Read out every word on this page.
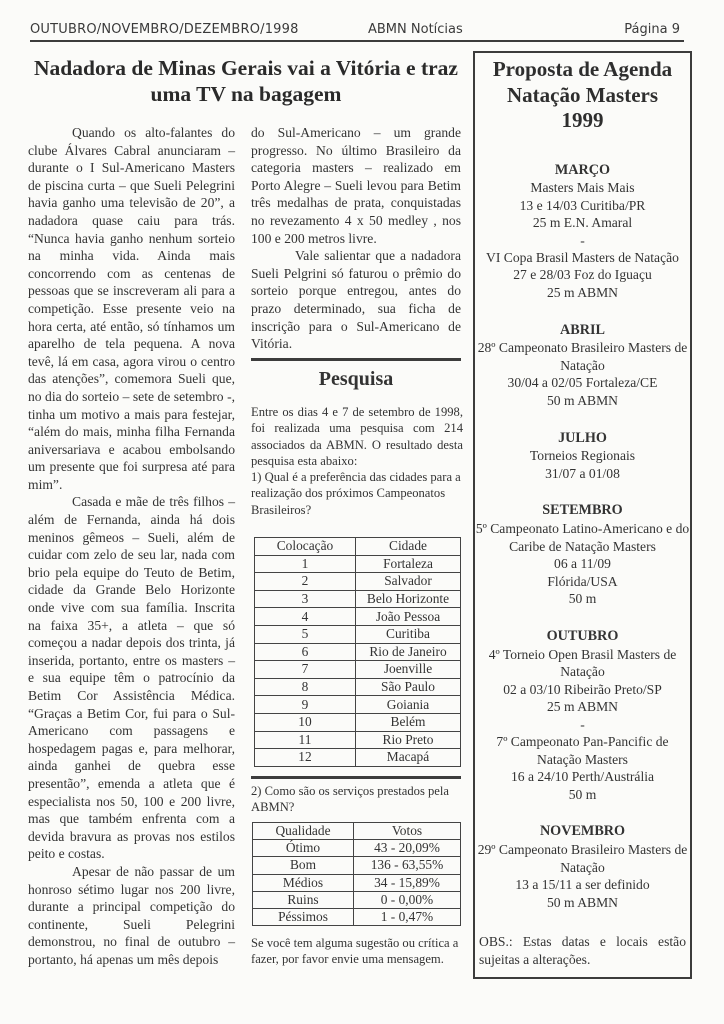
OUTUBRO/NOVEMBRO/DEZEMBRO/1998	ABMN Notícias	Página 9
Nadadora de Minas Gerais vai a Vitória e traz uma TV na bagagem

Quando os alto-falantes do clube Álvares Cabral anunciaram – durante o I Sul-Americano Masters de piscina curta – que Sueli Pelegrini havia ganho uma televisão de 20”, a nadadora quase caiu para trás. “Nunca havia ganho nenhum sorteio na minha vida. Ainda mais concorrendo com as centenas de pessoas que se inscreveram ali para a competição. Esse presente veio na hora certa, até então, só tínhamos um aparelho de tela pequena. A nova tevê, lá em casa, agora virou o centro das atenções”, comemora Sueli que, no dia do sorteio – sete de setembro -, tinha um motivo a mais para festejar, “além do mais, minha filha Fernanda aniversariava e acabou embolsando um presente que foi surpresa até para mim”.

Casada e mãe de três filhos – além de Fernanda, ainda há dois meninos gêmeos – Sueli, além de cuidar com zelo de seu lar, nada com brio pela equipe do Teuto de Betim, cidade da Grande Belo Horizonte onde vive com sua família. Inscrita na faixa 35+, a atleta – que só começou a nadar depois dos trinta, já inserida, portanto, entre os masters – e sua equipe têm o patrocínio da Betim Cor Assistência Médica. “Graças a Betim Cor, fui para o Sul-Americano com passagens e hospedagem pagas e, para melhorar, ainda ganhei de quebra esse presentão”, emenda a atleta que é especialista nos 50, 100 e 200 livre, mas que também enfrenta com a devida bravura as provas nos estilos peito e costas.

Apesar de não passar de um honroso sétimo lugar nos 200 livre, durante a principal competição do continente, Sueli Pelegrini demonstrou, no final de outubro – portanto, há apenas um mês depois

do Sul-Americano – um grande progresso. No último Brasileiro da categoria masters – realizado em Porto Alegre – Sueli levou para Betim três medalhas de prata, conquistadas no revezamento 4 x 50 medley , nos 100 e 200 metros livre.

Vale salientar que a nadadora Sueli Pelgrini só faturou o prêmio do sorteio porque entregou, antes do prazo determinado, sua ficha de inscrição para o Sul-Americano de Vitória.

Pesquisa

Entre os dias 4 e 7 de setembro de 1998, foi realizada uma pesquisa com 214 associados da ABMN. O resultado desta pesquisa esta abaixo:

1) Qual é a preferência das cidades para a realização dos próximos Campeonatos Brasileiros?

Colocação	Cidade
1	Fortaleza
2	Salvador
3	Belo Horizonte
4	João Pessoa
5	Curitiba
6	Rio de Janeiro
7	Joenville
8	São Paulo
9	Goiania
10	Belém
11	Rio Preto
12	Macapá
2) Como são os serviços prestados pela ABMN?
Qualidade	Votos
Ótimo	43 - 20,09%
Bom	136 - 63,55%
Médios	34 - 15,89%
Ruins	0 - 0,00%
Péssimos	1 - 0,47%
Se você tem alguma sugestão ou crítica a fazer, por favor envie uma mensagem.
Proposta de Agenda
Natação Masters
1999
MARÇO
Masters Mais Mais
13 e 14/03 Curitiba/PR
25 m E.N. Amaral
-
VI Copa Brasil Masters de Natação
27 e 28/03 Foz do Iguaçu
25 m ABMN
ABRIL
28º Campeonato Brasileiro Masters de Natação
30/04 a 02/05 Fortaleza/CE
50 m ABMN
JULHO
Torneios Regionais
31/07 a 01/08
SETEMBRO
5º Campeonato Latino-Americano e do Caribe de Natação Masters
06 a 11/09
Flórida/USA
50 m
OUTUBRO
4º Torneio Open Brasil Masters de Natação
02 a 03/10 Ribeirão Preto/SP
25 m ABMN
-
7º Campeonato Pan-Pancific de Natação Masters
16 a 24/10 Perth/Austrália
50 m
NOVEMBRO
29º Campeonato Brasileiro Masters de Natação
13 a 15/11 a ser definido
50 m ABMN
OBS.: Estas datas e locais estão sujeitas a alterações.
